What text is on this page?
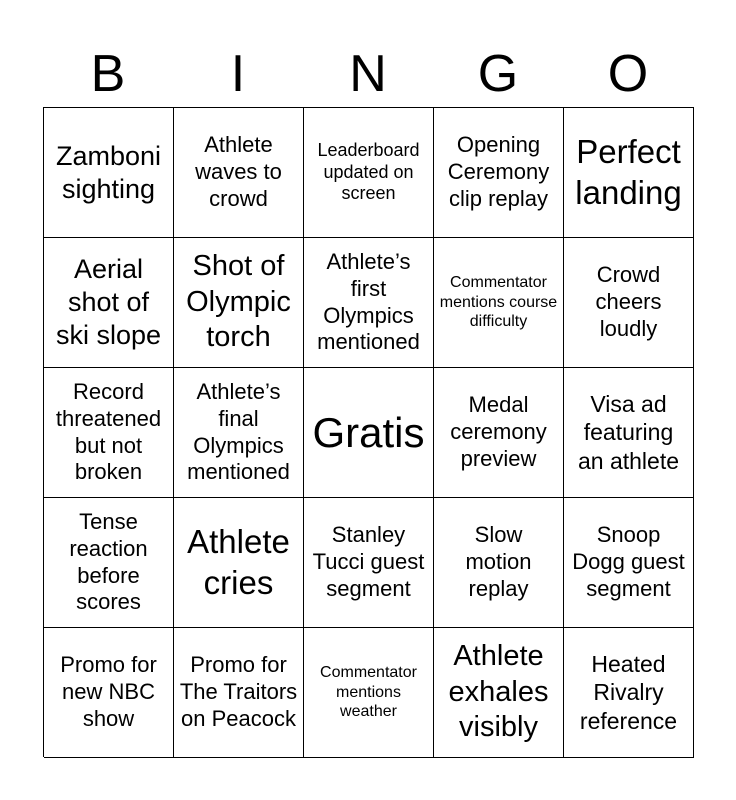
B	I	N	G	O
Zamboni sighting
Athlete waves to crowd
Leaderboard updated on screen
Opening Ceremony clip replay
Perfect landing
Aerial shot of ski slope
Shot of Olympic torch
Athlete’s first Olympics mentioned
Commentator mentions course difficulty
Crowd cheers loudly
Record threatened but not broken
Athlete’s final Olympics mentioned
Gratis
Medal ceremony preview
Visa ad featuring an athlete
Tense reaction before scores
Athlete cries
Stanley Tucci guest segment
Slow motion replay
Snoop Dogg guest segment
Promo for new NBC show
Promo for The Traitors on Peacock
Commentator mentions weather
Athlete exhales visibly
Heated Rivalry reference
